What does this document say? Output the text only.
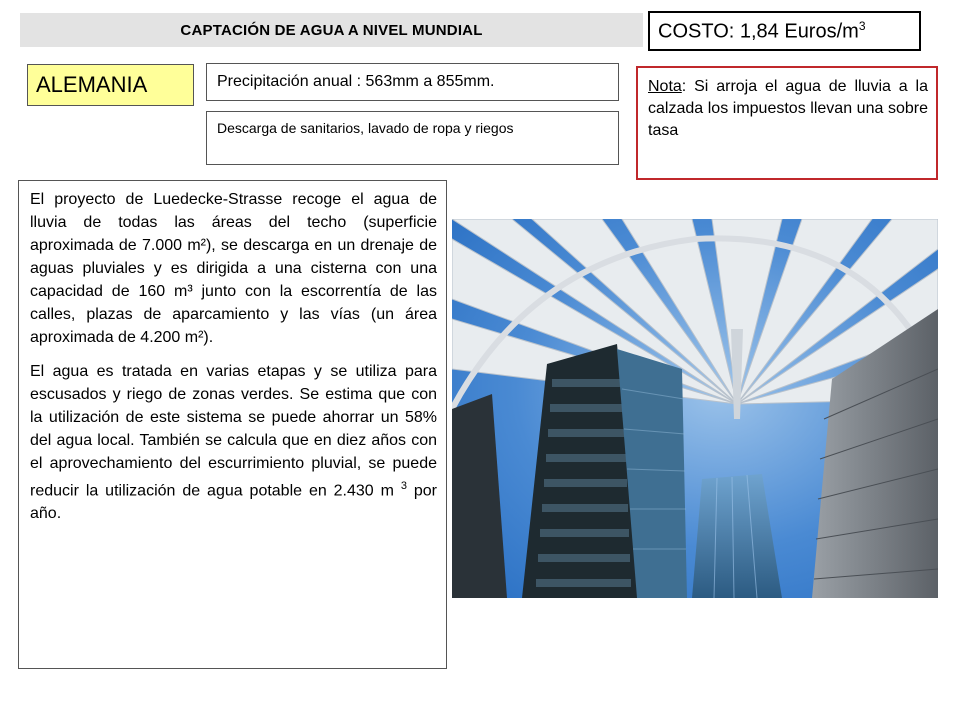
CAPTACIÓN DE AGUA A NIVEL MUNDIAL	COSTO: 1,84 Euros/$m^3$
ALEMANIA	Precipitación anual : 563mm a 855mm.
Descarga de sanitarios, lavado de ropa y riegos
Nota: Si arroja el agua de lluvia a la calzada los impuestos llevan una sobre tasa

El proyecto de Luedecke-Strasse recoge el agua de lluvia de todas las áreas del techo (superficie aproximada de 7.000 m²), se descarga en un drenaje de aguas pluviales y es dirigida a una cisterna con una capacidad de 160 m³ junto con la escorrentía de las calles, plazas de aparcamiento y las vías (un área aproximada de 4.200 m²).

El agua es tratada en varias etapas y se utiliza para escusados y riego de zonas verdes. Se estima que con la utilización de este sistema se puede ahorrar un 58% del agua local. También se calcula que en diez años con el aprovechamiento del escurrimiento pluvial, se puede reducir la utilización de agua potable en 2.430 m $^3$ por año.
